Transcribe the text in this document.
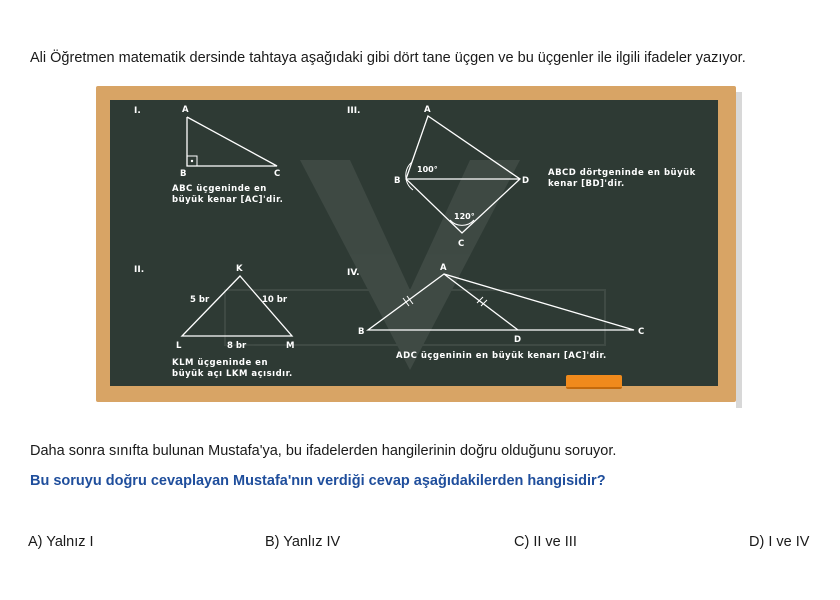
Ali Öğretmen matematik dersinde tahtaya aşağıdaki gibi dört tane üçgen ve bu üçgenler ile ilgili ifadeler yazıyor.
I.	III.
II.	IV.
A
B	C
ABC üçgeninde en
büyük kenar [AC]'dir.
K
L	M
5 br	10 br
8 br
KLM üçgeninde en
büyük açı LKM açısıdır.
A
B
C
D
100°
120°
ABCD dörtgeninde en büyük
kenar [BD]'dir.
A
B	C
D
ADC üçgeninin en büyük kenarı [AC]'dir.
Daha sonra sınıfta bulunan Mustafa'ya, bu ifadelerden hangilerinin doğru olduğunu soruyor.
Bu soruyu doğru cevaplayan Mustafa'nın verdiği cevap aşağıdakilerden hangisidir?
A) Yalnız I	B) Yanlız IV	C) II ve III	D) I ve IV
